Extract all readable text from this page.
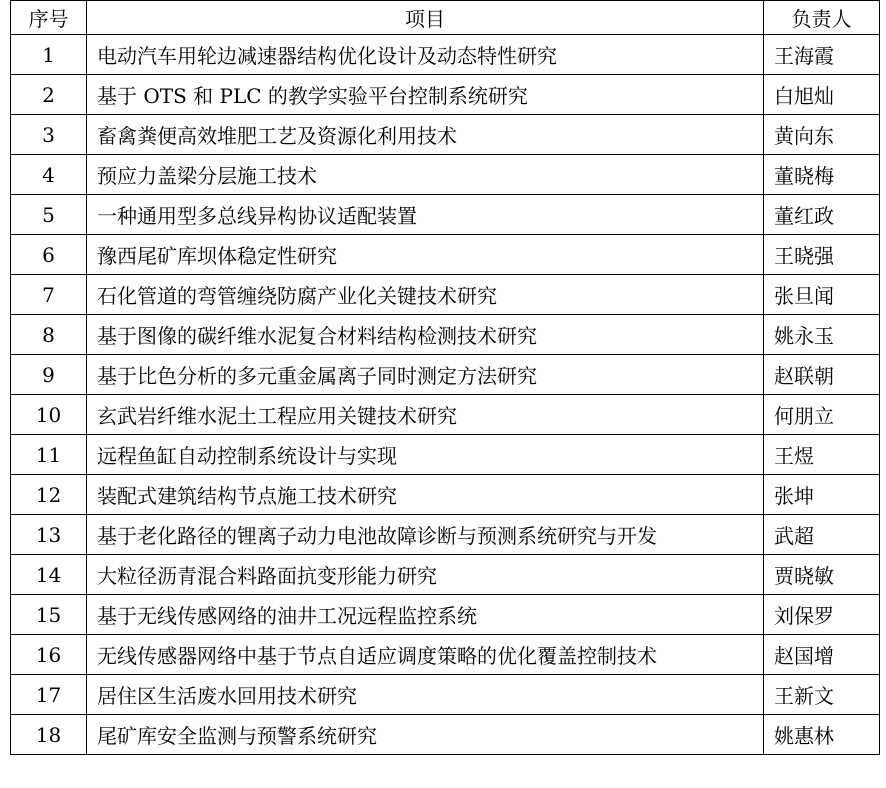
序号	项目	负责人
1	电动汽车用轮边减速器结构优化设计及动态特性研究	王海霞
2	基于 OTS 和 PLC 的教学实验平台控制系统研究	白旭灿
3	畜禽粪便高效堆肥工艺及资源化利用技术	黄向东
4	预应力盖梁分层施工技术	董晓梅
5	一种通用型多总线异构协议适配装置	董红政
6	豫西尾矿库坝体稳定性研究	王晓强
7	石化管道的弯管缠绕防腐产业化关键技术研究	张旦闻
8	基于图像的碳纤维水泥复合材料结构检测技术研究	姚永玉
9	基于比色分析的多元重金属离子同时测定方法研究	赵联朝
10	玄武岩纤维水泥土工程应用关键技术研究	何朋立
11	远程鱼缸自动控制系统设计与实现	王煜
12	装配式建筑结构节点施工技术研究	张坤
13	基于老化路径的锂离子动力电池故障诊断与预测系统研究与开发	武超
14	大粒径沥青混合料路面抗变形能力研究	贾晓敏
15	基于无线传感网络的油井工况远程监控系统	刘保罗
16	无线传感器网络中基于节点自适应调度策略的优化覆盖控制技术	赵国增
17	居住区生活废水回用技术研究	王新文
18	尾矿库安全监测与预警系统研究	姚惠林
